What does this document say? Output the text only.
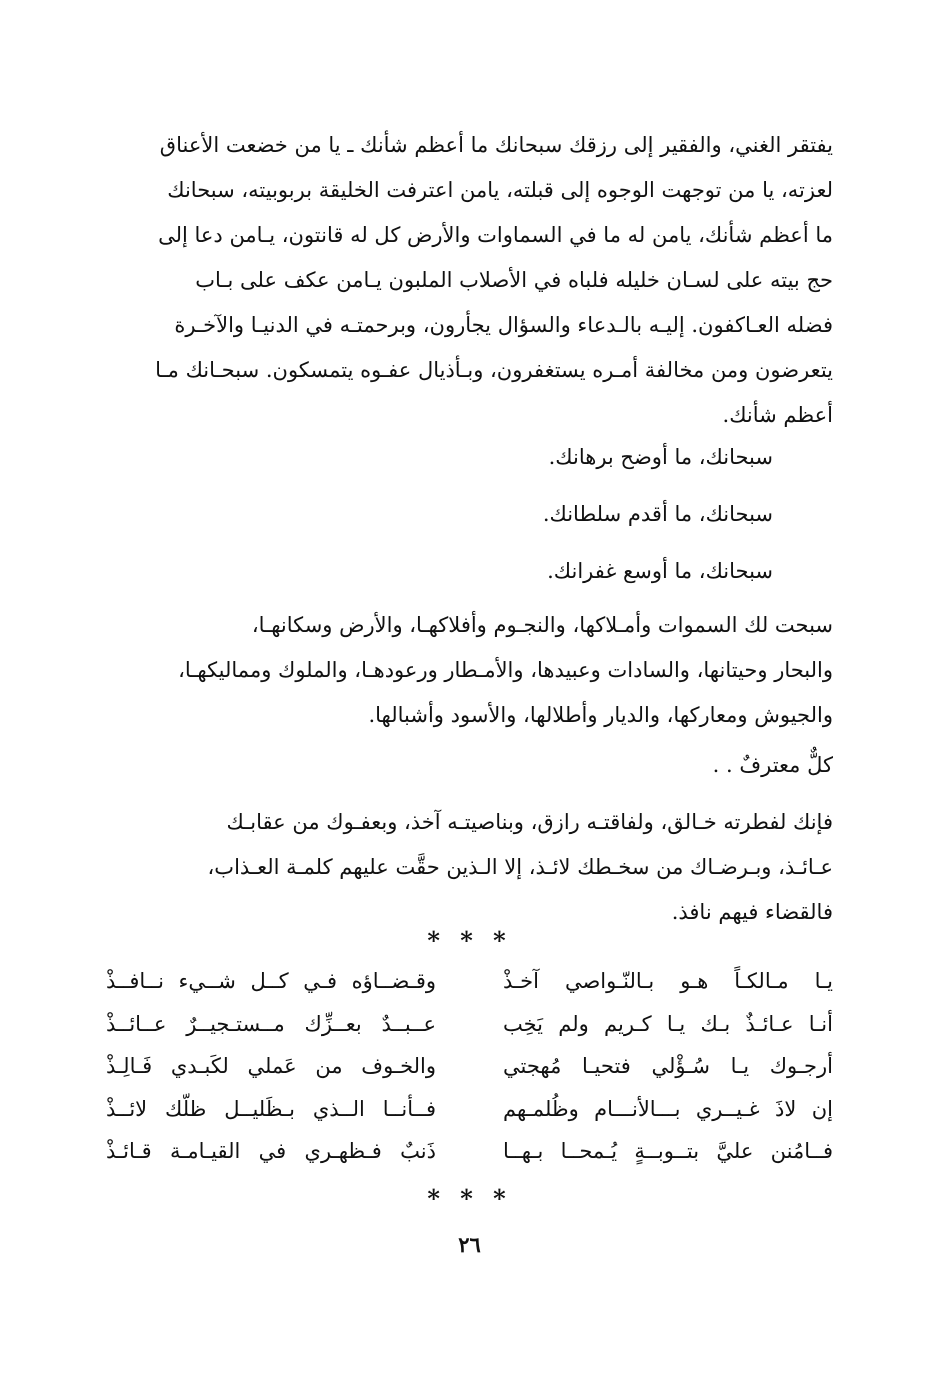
يفتقر الغني، والفقير إلى رزقك سبحانك ما أعظم شأنك ـ يا من خضعت الأعناق

لعزته، يا من توجهت الوجوه إلى قبلته، يامن اعترفت الخليقة بربوبيته، سبحانك

ما أعظم شأنك، يامن له ما في السماوات والأرض كل له قانتون، يـامن دعا إلى

حج بيته على لسـان خليله فلباه في الأصلاب الملبون يـامن عكف على بـاب

فضله العـاكفون. إليـه بالـدعاء والسؤال يجأرون، وبرحمتـه في الدنيـا والآخـرة

يتعرضون ومن مخالفة أمـره يستغفرون، وبـأذيال عفـوه يتمسكون. سبحـانك مـا

أعظم شأنك.

سبحانك، ما أوضح برهانك.

سبحانك، ما أقدم سلطانك.

سبحانك، ما أوسع غفرانك.

سبحت لك السموات وأمـلاكها، والنجـوم وأفلاكهـا، والأرض وسكانهـا،

والبحار وحيتانها، والسادات وعبيدها، والأمـطار ورعودهـا، والملوك ومماليكهـا،

والجيوش ومعاركها، والديار وأطلالها، والأسود وأشبالها.

كلٌّ معترفٌ . .

فإنك لفطرته خـالق، ولفاقتـه رازق، وبناصيتـه آخذ، وبعفـوك من عقابـك

عـائـذ، وبـرضـاك من سخـطك لائـذ، إلا الـذين حقَّت عليهم كلمـة العـذاب،

فالقضاء فيهم نافذ.

* * *
يـا مـالكـاً هـو بـالنّـواصي آخـذْ
وقـضــاؤه فـي كــل شــيء نــافــذْ
أنـا عـائـذٌ بـك يـا كـريم ولم يَخِب
عــبــدٌ بعــزِّك مــستـجيــرٌ عــائــذْ
أرجـوك يـا سُـؤْلي فتحيـا مُهجتي
والخـوف من عَملي لكَبـدي فَـالِـذْ
إن لاذَ غـيــري بـــالأنـــام وظُلمـهم
فــأنــا الــذي بـظَليــل ظلّك لائــذْ
فــامُنن عليَّ بتــوبــةٍ يُـمحــا بـهــا
ذَنبٌ فـظهـري في القيـامـة قـائـذْ
* * *
٢٦
